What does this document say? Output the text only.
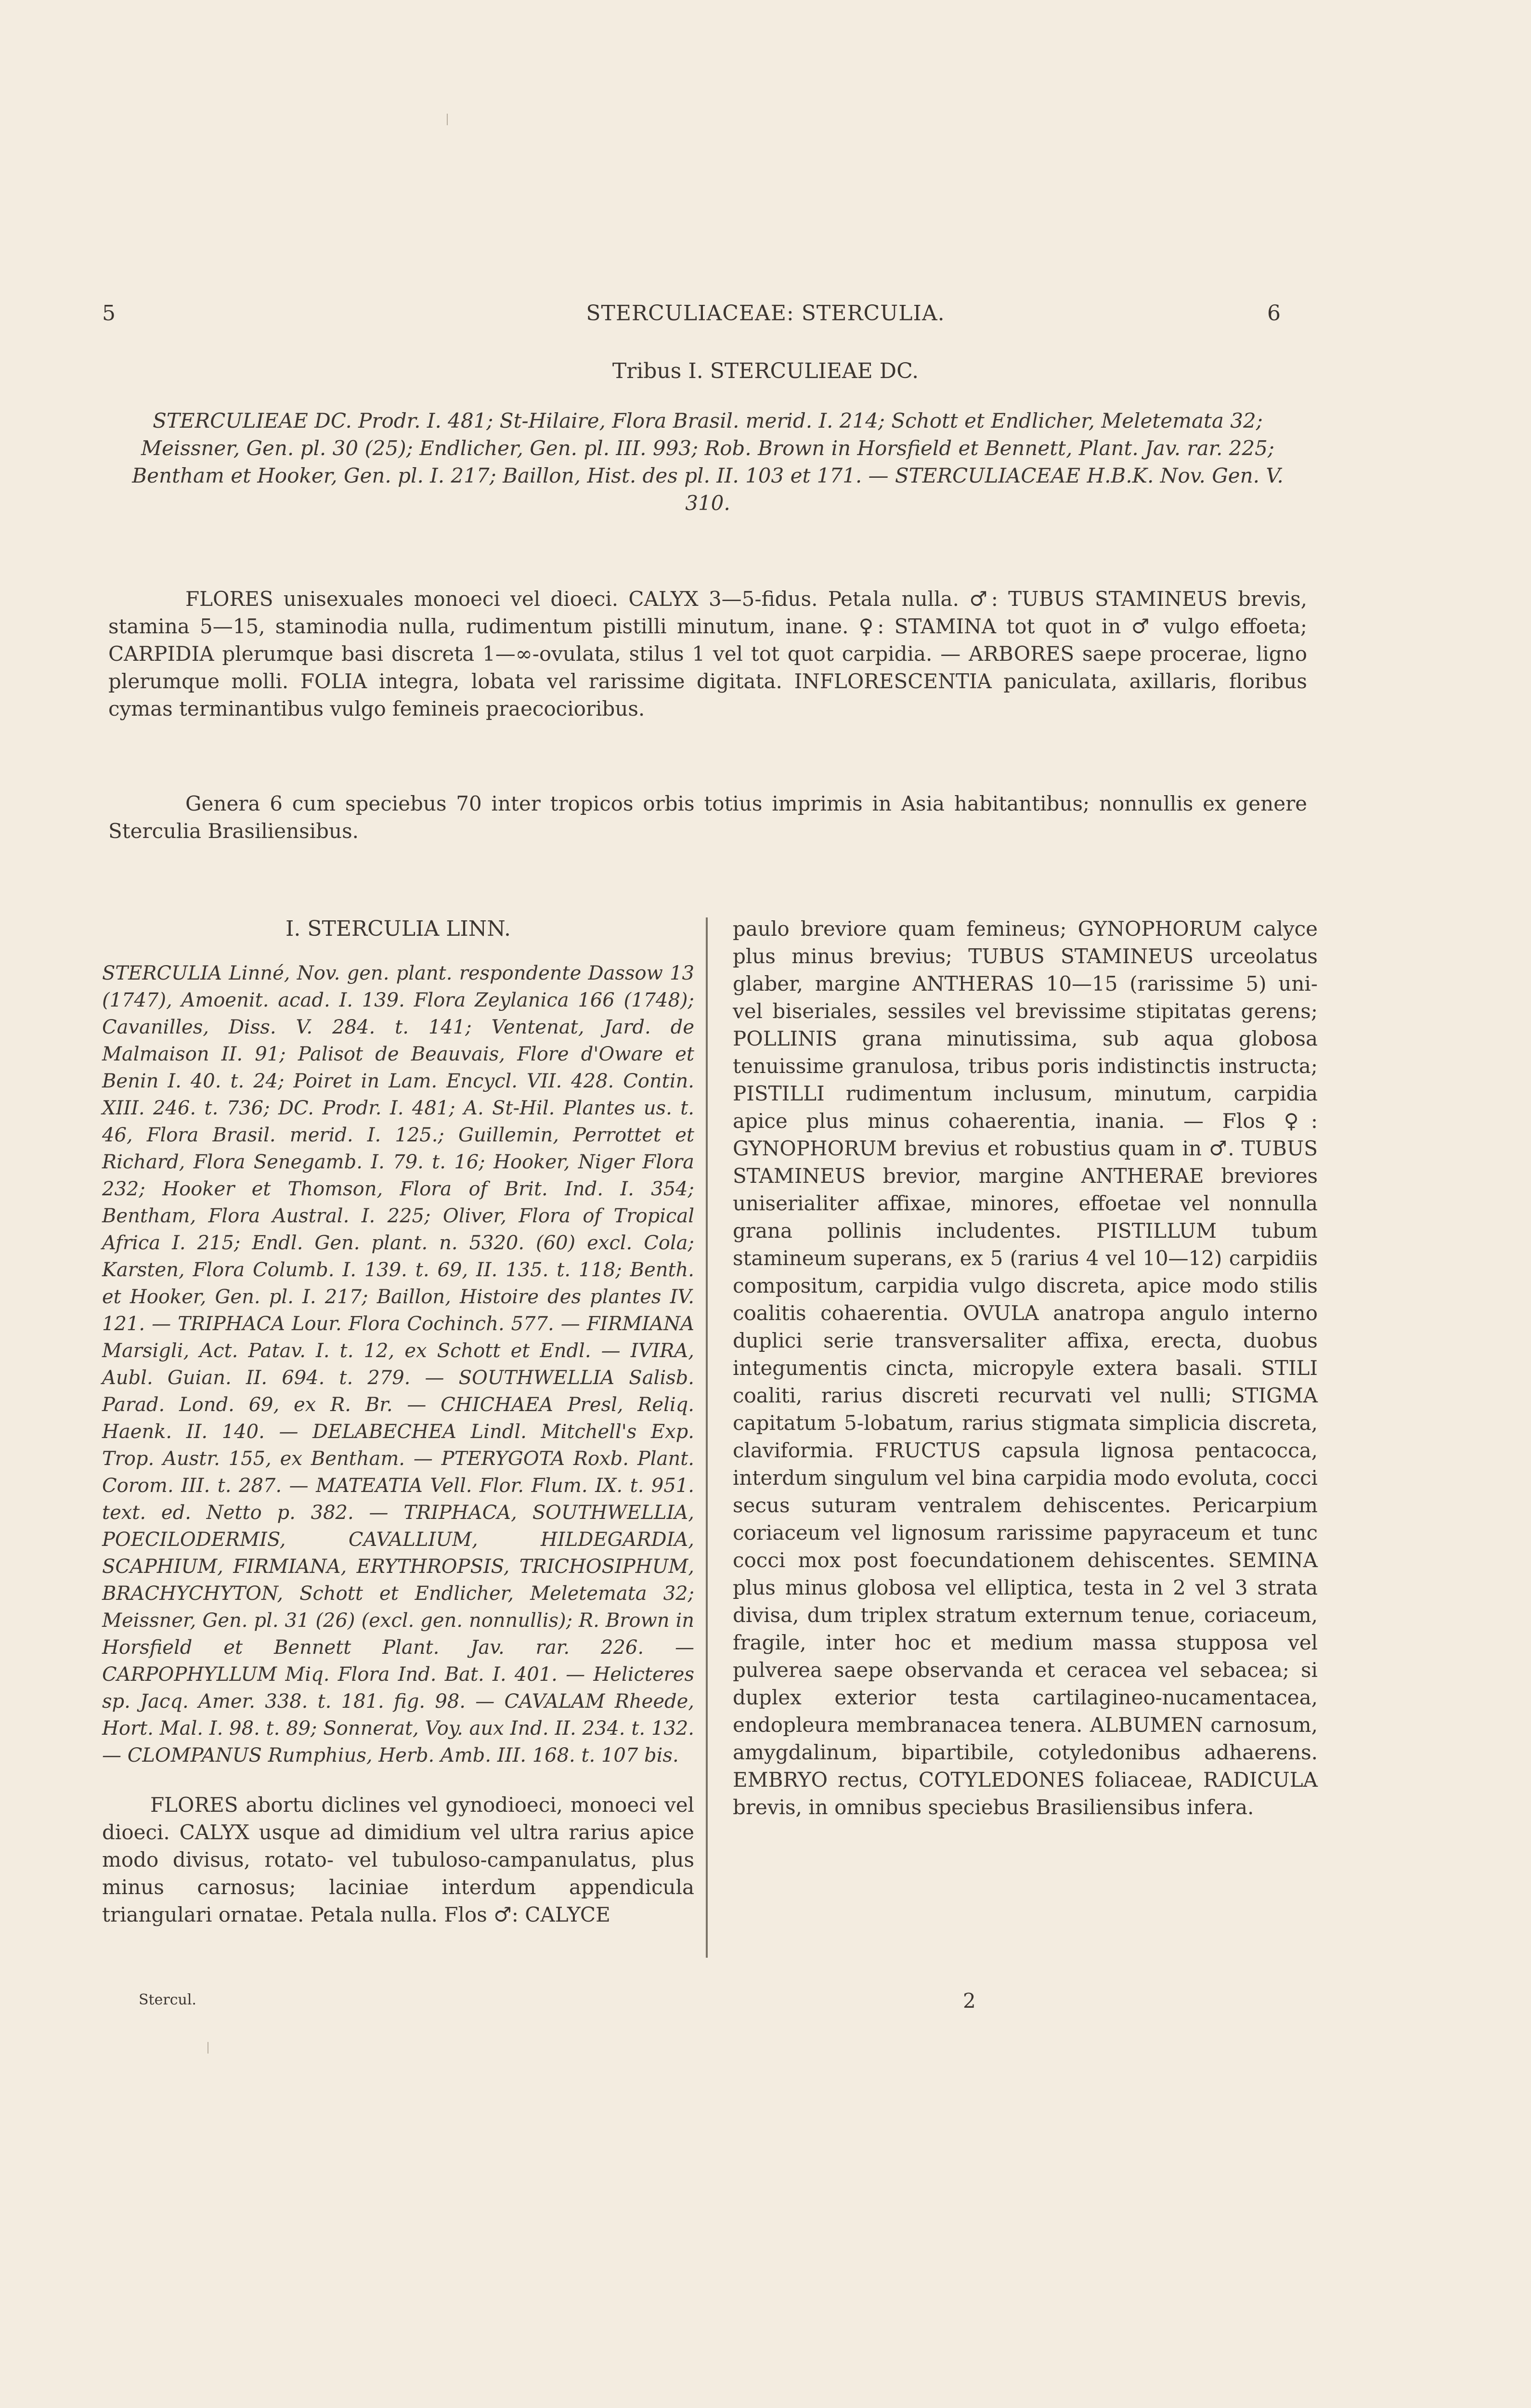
5	STERCULIACEAE: STERCULIA.	6
Tribus I. STERCULIEAE DC.
STERCULIEAE DC. Prodr. I. 481; St-Hilaire, Flora Brasil. merid. I. 214; Schott et Endlicher, Meletemata 32; Meissner, Gen. pl. 30 (25); Endlicher, Gen. pl. III. 993; Rob. Brown in Horsfield et Bennett, Plant. Jav. rar. 225; Bentham et Hooker, Gen. pl. I. 217; Baillon, Hist. des pl. II. 103 et 171. — STERCULIACEAE H.B.K. Nov. Gen. V. 310.
FLORES unisexuales monoeci vel dioeci. CALYX 3—5-fidus. Petala nulla. ♂: TUBUS STAMINEUS brevis, stamina 5—15, staminodia nulla, rudimentum pistilli minutum, inane. ♀: STAMINA tot quot in ♂ vulgo effoeta; CARPIDIA plerumque basi discreta 1—∞-ovulata, stilus 1 vel tot quot carpidia. — ARBORES saepe procerae, ligno plerumque molli. FOLIA integra, lobata vel rarissime digitata. INFLORESCENTIA paniculata, axillaris, floribus cymas terminantibus vulgo femineis praecocioribus.
Genera 6 cum speciebus 70 inter tropicos orbis totius imprimis in Asia habitantibus; nonnullis ex genere Sterculia Brasiliensibus.
I. STERCULIA LINN.
STERCULIA Linné, Nov. gen. plant. respondente Dassow 13 (1747), Amoenit. acad. I. 139. Flora Zeylanica 166 (1748); Cavanilles, Diss. V. 284. t. 141; Ventenat, Jard. de Malmaison II. 91; Palisot de Beauvais, Flore d'Oware et Benin I. 40. t. 24; Poiret in Lam. Encycl. VII. 428. Contin. XIII. 246. t. 736; DC. Prodr. I. 481; A. St-Hil. Plantes us. t. 46, Flora Brasil. merid. I. 125.; Guillemin, Perrottet et Richard, Flora Senegamb. I. 79. t. 16; Hooker, Niger Flora 232; Hooker et Thomson, Flora of Brit. Ind. I. 354; Bentham, Flora Austral. I. 225; Oliver, Flora of Tropical Africa I. 215; Endl. Gen. plant. n. 5320. (60) excl. Cola; Karsten, Flora Columb. I. 139. t. 69, II. 135. t. 118; Benth. et Hooker, Gen. pl. I. 217; Baillon, Histoire des plantes IV. 121. — TRIPHACA Lour. Flora Cochinch. 577. — FIRMIANA Marsigli, Act. Patav. I. t. 12, ex Schott et Endl. — IVIRA, Aubl. Guian. II. 694. t. 279. — SOUTHWELLIA Salisb. Parad. Lond. 69, ex R. Br. — CHICHAEA Presl, Reliq. Haenk. II. 140. — DELABECHEA Lindl. Mitchell's Exp. Trop. Austr. 155, ex Bentham. — PTERYGOTA Roxb. Plant. Corom. III. t. 287. — MATEATIA Vell. Flor. Flum. IX. t. 951. text. ed. Netto p. 382. — TRIPHACA, SOUTHWELLIA, POECILODERMIS, CAVALLIUM, HILDEGARDIA, SCAPHIUM, FIRMIANA, ERYTHROPSIS, TRICHOSIPHUM, BRACHYCHYTON, Schott et Endlicher, Meletemata 32; Meissner, Gen. pl. 31 (26) (excl. gen. nonnullis); R. Brown in Horsfield et Bennett Plant. Jav. rar. 226. — CARPOPHYLLUM Miq. Flora Ind. Bat. I. 401. — Helicteres sp. Jacq. Amer. 338. t. 181. fig. 98. — CAVALAM Rheede, Hort. Mal. I. 98. t. 89; Sonnerat, Voy. aux Ind. II. 234. t. 132. — CLOMPANUS Rumphius, Herb. Amb. III. 168. t. 107 bis.
FLORES abortu diclines vel gynodioeci, monoeci vel dioeci. CALYX usque ad dimidium vel ultra rarius apice modo divisus, rotato- vel tubuloso-campanulatus, plus minus carnosus; laciniae interdum appendicula triangulari ornatae. Petala nulla. Flos ♂: CALYCE
paulo breviore quam femineus; GYNOPHORUM calyce plus minus brevius; TUBUS STAMINEUS urceolatus glaber, margine ANTHERAS 10—15 (rarissime 5) uni- vel biseriales, sessiles vel brevissime stipitatas gerens; POLLINIS grana minutissima, sub aqua globosa tenuissime granulosa, tribus poris indistinctis instructa; PISTILLI rudimentum inclusum, minutum, carpidia apice plus minus cohaerentia, inania. — Flos ♀: GYNOPHORUM brevius et robustius quam in ♂. TUBUS STAMINEUS brevior, margine ANTHERAE breviores uniserialiter affixae, minores, effoetae vel nonnulla grana pollinis includentes. PISTILLUM tubum stamineum superans, ex 5 (rarius 4 vel 10—12) carpidiis compositum, carpidia vulgo discreta, apice modo stilis coalitis cohaerentia. OVULA anatropa angulo interno duplici serie transversaliter affixa, erecta, duobus integumentis cincta, micropyle extera basali. STILI coaliti, rarius discreti recurvati vel nulli; STIGMA capitatum 5-lobatum, rarius stigmata simplicia discreta, claviformia. FRUCTUS capsula lignosa pentacocca, interdum singulum vel bina carpidia modo evoluta, cocci secus suturam ventralem dehiscentes. Pericarpium coriaceum vel lignosum rarissime papyraceum et tunc cocci mox post foecundationem dehiscentes. SEMINA plus minus globosa vel elliptica, testa in 2 vel 3 strata divisa, dum triplex stratum externum tenue, coriaceum, fragile, inter hoc et medium massa stupposa vel pulverea saepe observanda et ceracea vel sebacea; si duplex exterior testa cartilagineo-nucamentacea, endopleura membranacea tenera. ALBUMEN carnosum, amygdalinum, bipartibile, cotyledonibus adhaerens. EMBRYO rectus, COTYLEDONES foliaceae, RADICULA brevis, in omnibus speciebus Brasiliensibus infera.
Stercul.	2
